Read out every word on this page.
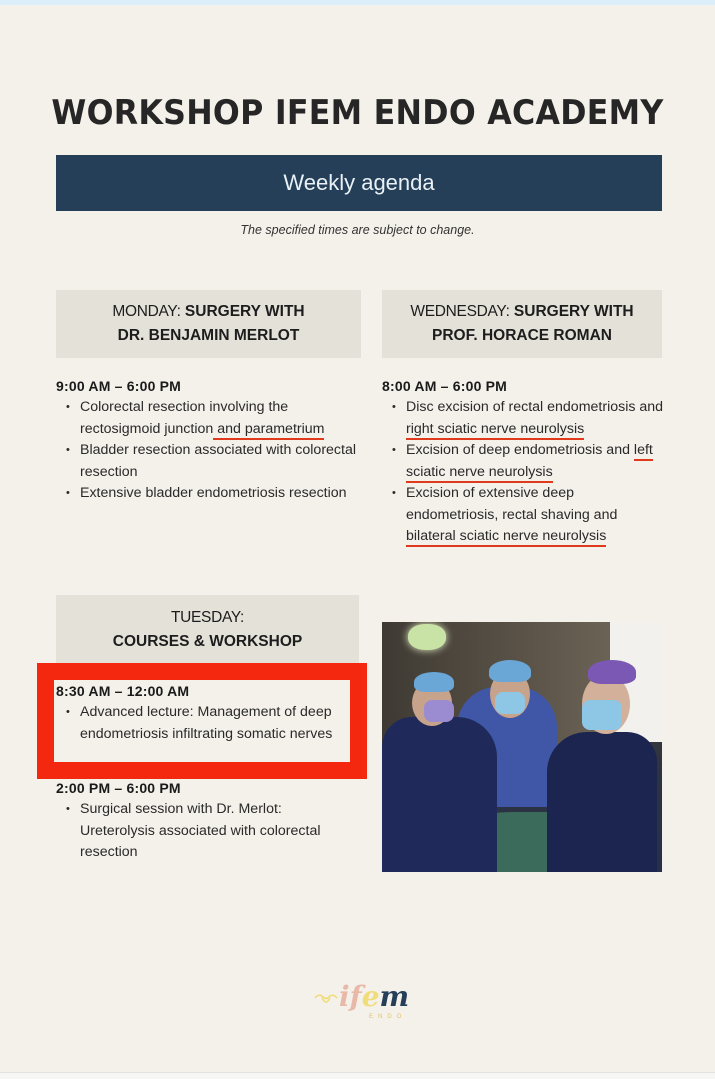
WORKSHOP IFEM ENDO ACADEMY
Weekly agenda

The specified times are subject to change.

MONDAY: SURGERY WITH
DR. BENJAMIN MERLOT
9:00 AM – 6:00 PM
• Colorectal resection involving the rectosigmoid junction and parametrium
• Bladder resection associated with colorectal resection
• Extensive bladder endometriosis resection
WEDNESDAY: SURGERY WITH
PROF. HORACE ROMAN
8:00 AM – 6:00 PM
• Disc excision of rectal endometriosis and right sciatic nerve neurolysis
• Excision of deep endometriosis and left sciatic nerve neurolysis
• Excision of extensive deep endometriosis, rectal shaving and bilateral sciatic nerve neurolysis
TUESDAY:
COURSES & WORKSHOP
8:30 AM – 12:00 AM
• Advanced lecture: Management of deep endometriosis infiltrating somatic nerves
2:00 PM – 6:00 PM
• Surgical session with Dr. Merlot: Ureterolysis associated with colorectal resection
ifem
ENDO
